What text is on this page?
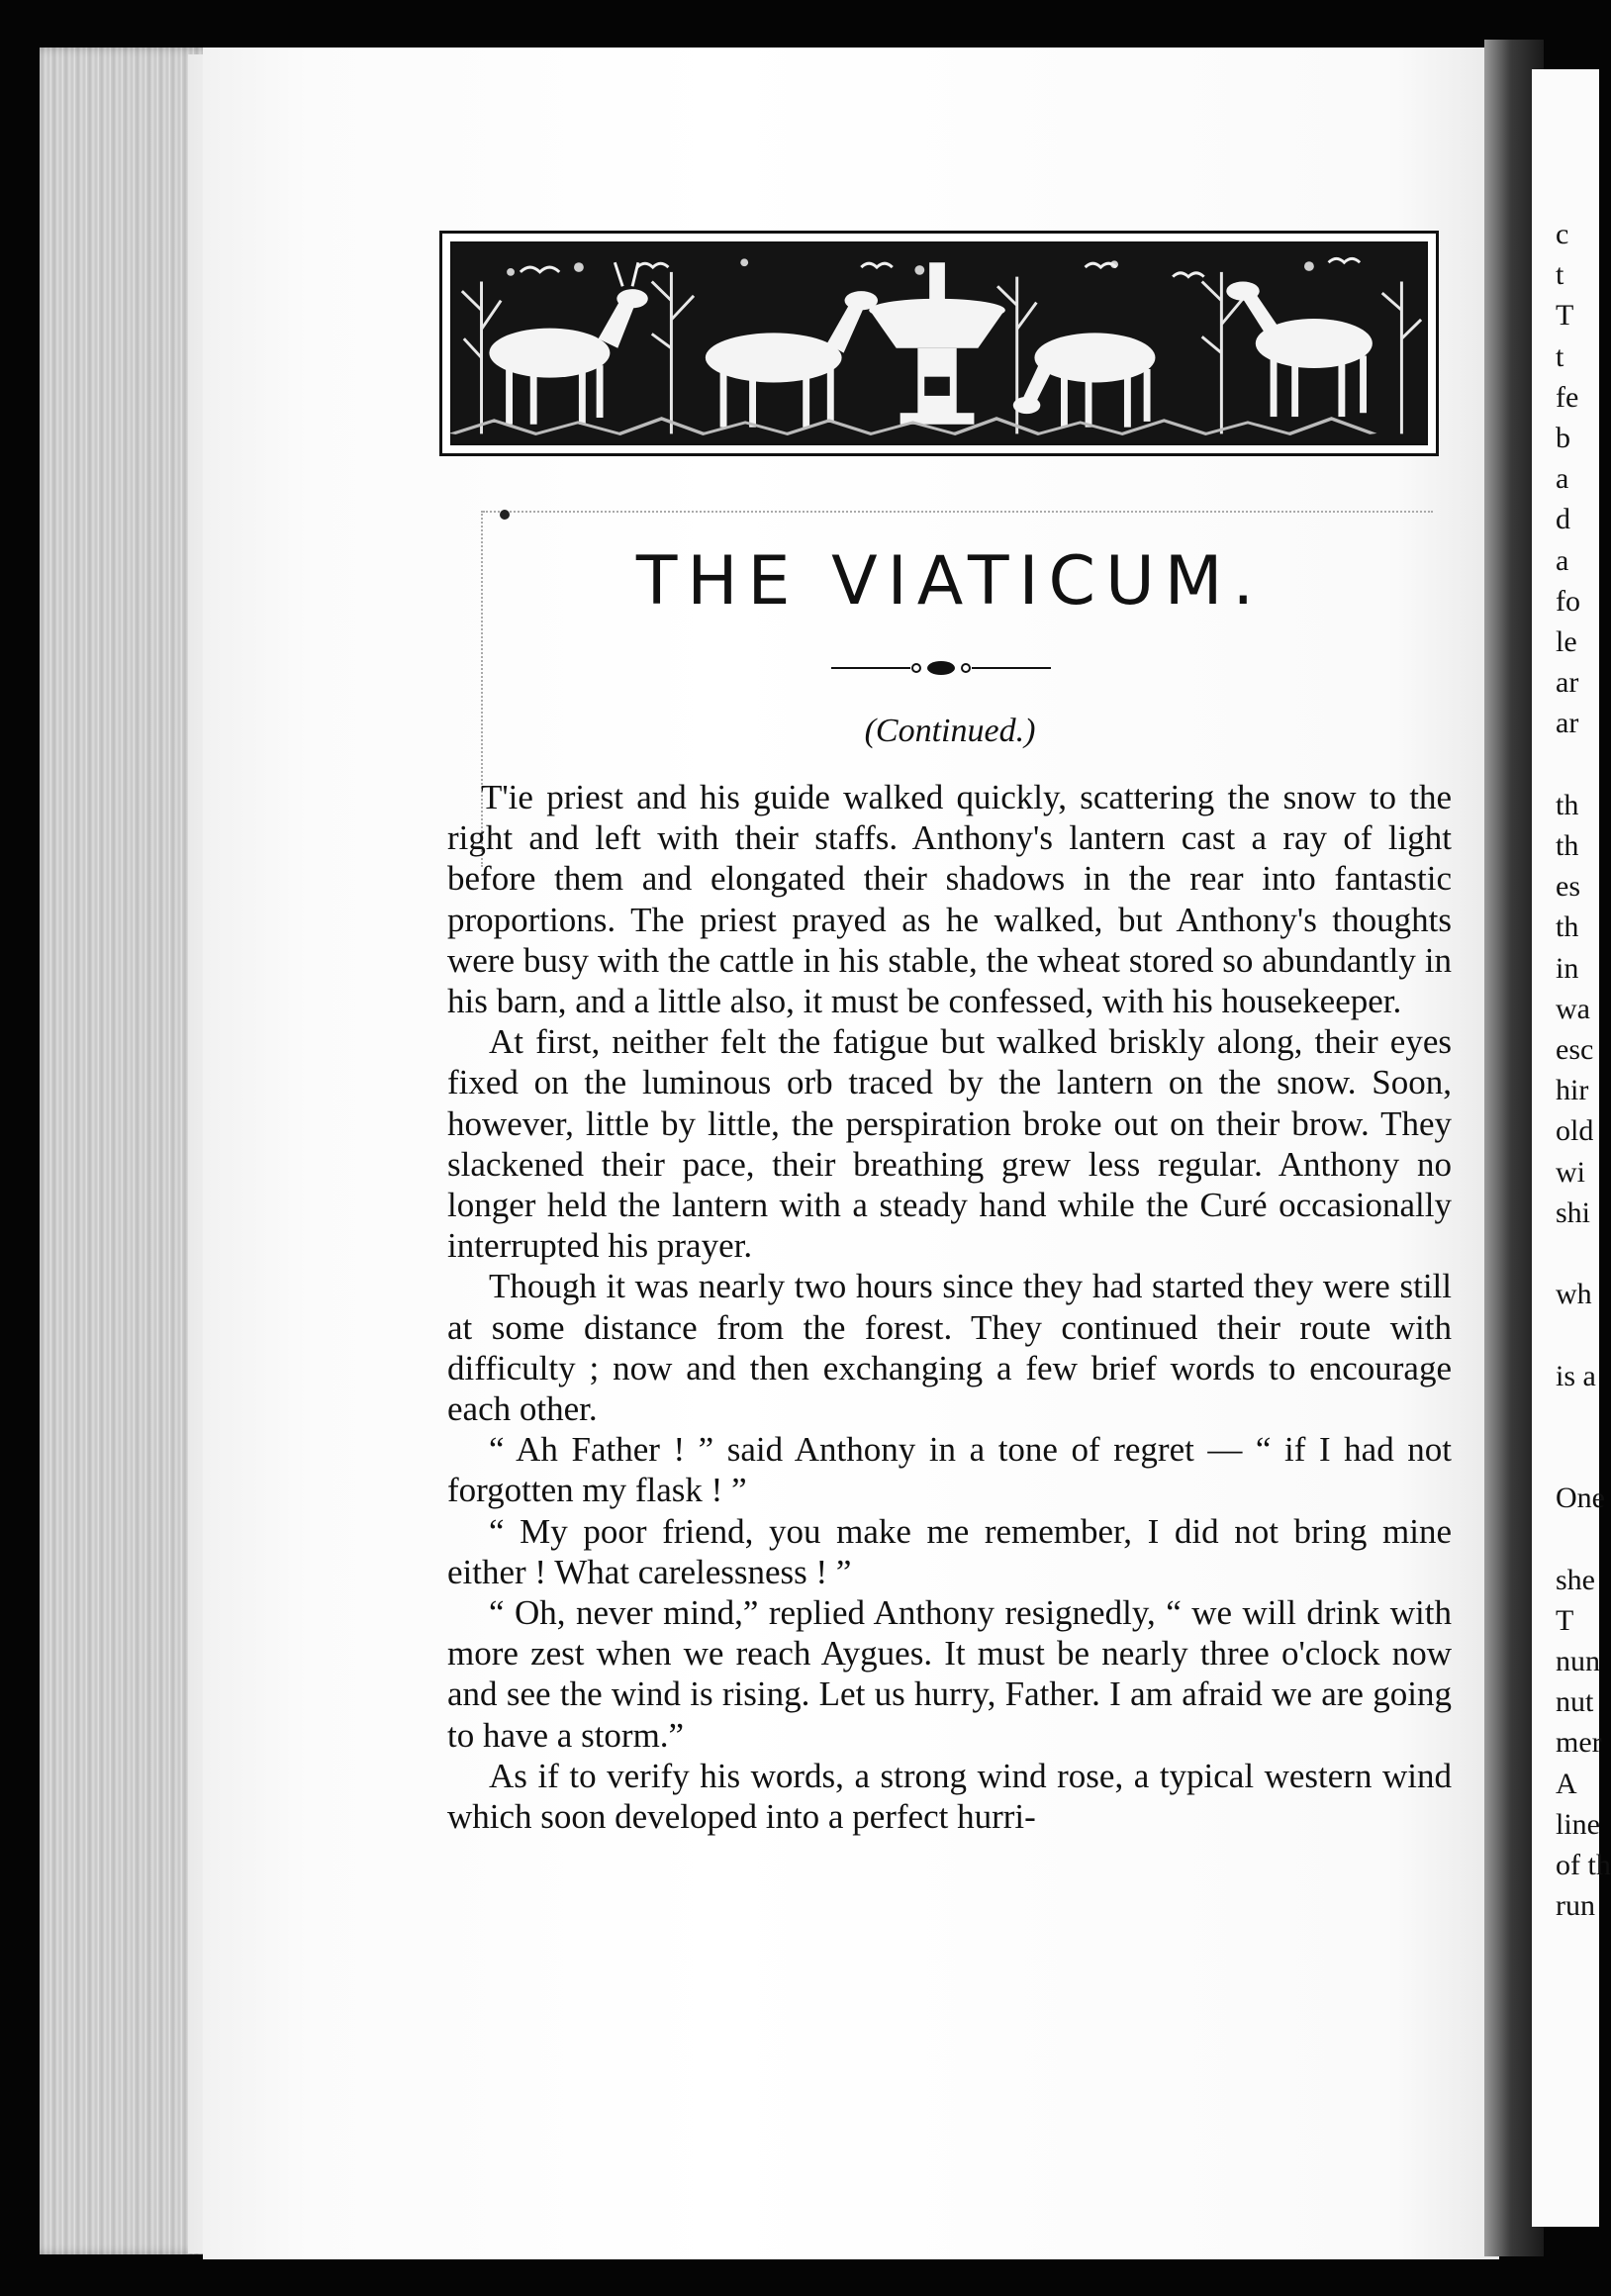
c
t
T
t
fe
b
a
d
a
fo
le
ar
ar
th
th
es
th
in
wa
esc
hir
old
wi
shi
wh
is a
One
she
T
nun
nut
mer
A
line
of th
run
THE VIATICUM.
(Continued.)

T'ie priest and his guide walked quickly, scattering the snow to the right and left with their staffs. Anthony's lantern cast a ray of light before them and elongated their shadows in the rear into fantastic proportions. The priest prayed as he walked, but Anthony's thoughts were busy with the cattle in his stable, the wheat stored so abundantly in his barn, and a little also, it must be confessed, with his housekeeper.

At first, neither felt the fatigue but walked briskly along, their eyes fixed on the luminous orb traced by the lantern on the snow. Soon, however, little by little, the perspiration broke out on their brow. They slackened their pace, their breathing grew less regular. Anthony no longer held the lantern with a steady hand while the Curé occasionally interrupted his prayer.

Though it was nearly two hours since they had started they were still at some distance from the forest. They continued their route with difficulty ; now and then exchanging a few brief words to encourage each other.

“ Ah Father ! ” said Anthony in a tone of regret — “ if I had not forgotten my flask ! ”

“ My poor friend, you make me remember, I did not bring mine either ! What carelessness ! ”

“ Oh, never mind,” replied Anthony resignedly, “ we will drink with more zest when we reach Aygues. It must be nearly three o'clock now and see the wind is rising. Let us hurry, Father. I am afraid we are going to have a storm.”

As if to verify his words, a strong wind rose, a typical western wind which soon developed into a perfect hurri-
